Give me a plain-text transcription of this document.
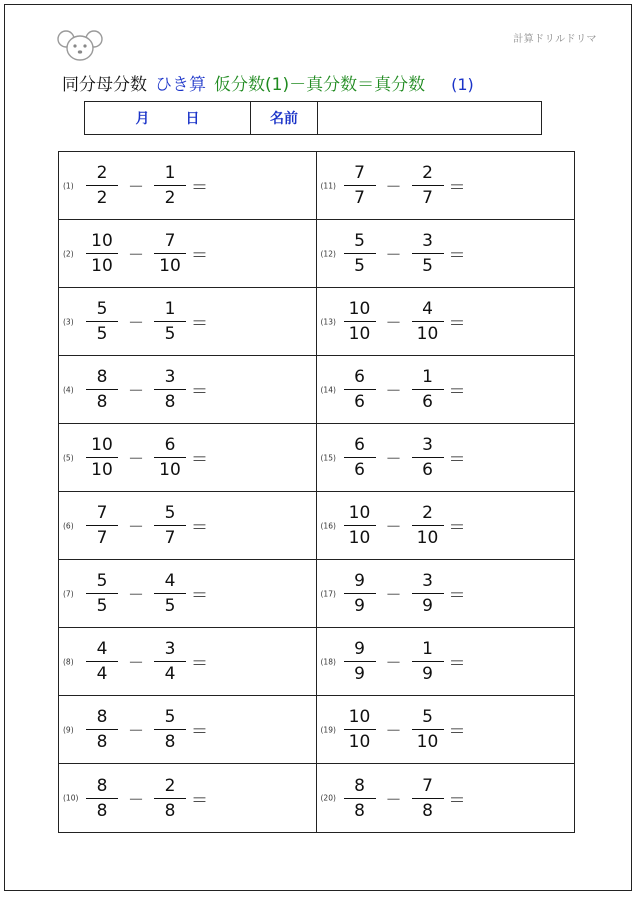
計算ドリルドリマ
同分母分数 ひき算 仮分数(1)－真分数＝真分数 (1)
月	日	名前
$(1) \frac{2}{2} - \frac{1}{2}$ ＝	$(11) \frac{7}{7} - \frac{2}{7}$ ＝
$(2) \frac{10}{10} - \frac{7}{10}$ ＝	$(12) \frac{5}{5} - \frac{3}{5}$ ＝
$(3) \frac{5}{5} - \frac{1}{5}$ ＝	$(13) \frac{10}{10} - \frac{4}{10}$ ＝
$(4) \frac{8}{8} - \frac{3}{8}$ ＝	$(14) \frac{6}{6} - \frac{1}{6}$ ＝
$(5) \frac{10}{10} - \frac{6}{10}$ ＝	$(15) \frac{6}{6} - \frac{3}{6}$ ＝
$(6) \frac{7}{7} - \frac{5}{7}$ ＝	$(16) \frac{10}{10} - \frac{2}{10}$ ＝
$(7) \frac{5}{5} - \frac{4}{5}$ ＝	$(17) \frac{9}{9} - \frac{3}{9}$ ＝
$(8) \frac{4}{4} - \frac{3}{4}$ ＝	$(18) \frac{9}{9} - \frac{1}{9}$ ＝
$(9) \frac{8}{8} - \frac{5}{8}$ ＝	$(19) \frac{10}{10} - \frac{5}{10}$ ＝
$(10) \frac{8}{8} - \frac{2}{8}$ ＝	$(20) \frac{8}{8} - \frac{7}{8}$ ＝
